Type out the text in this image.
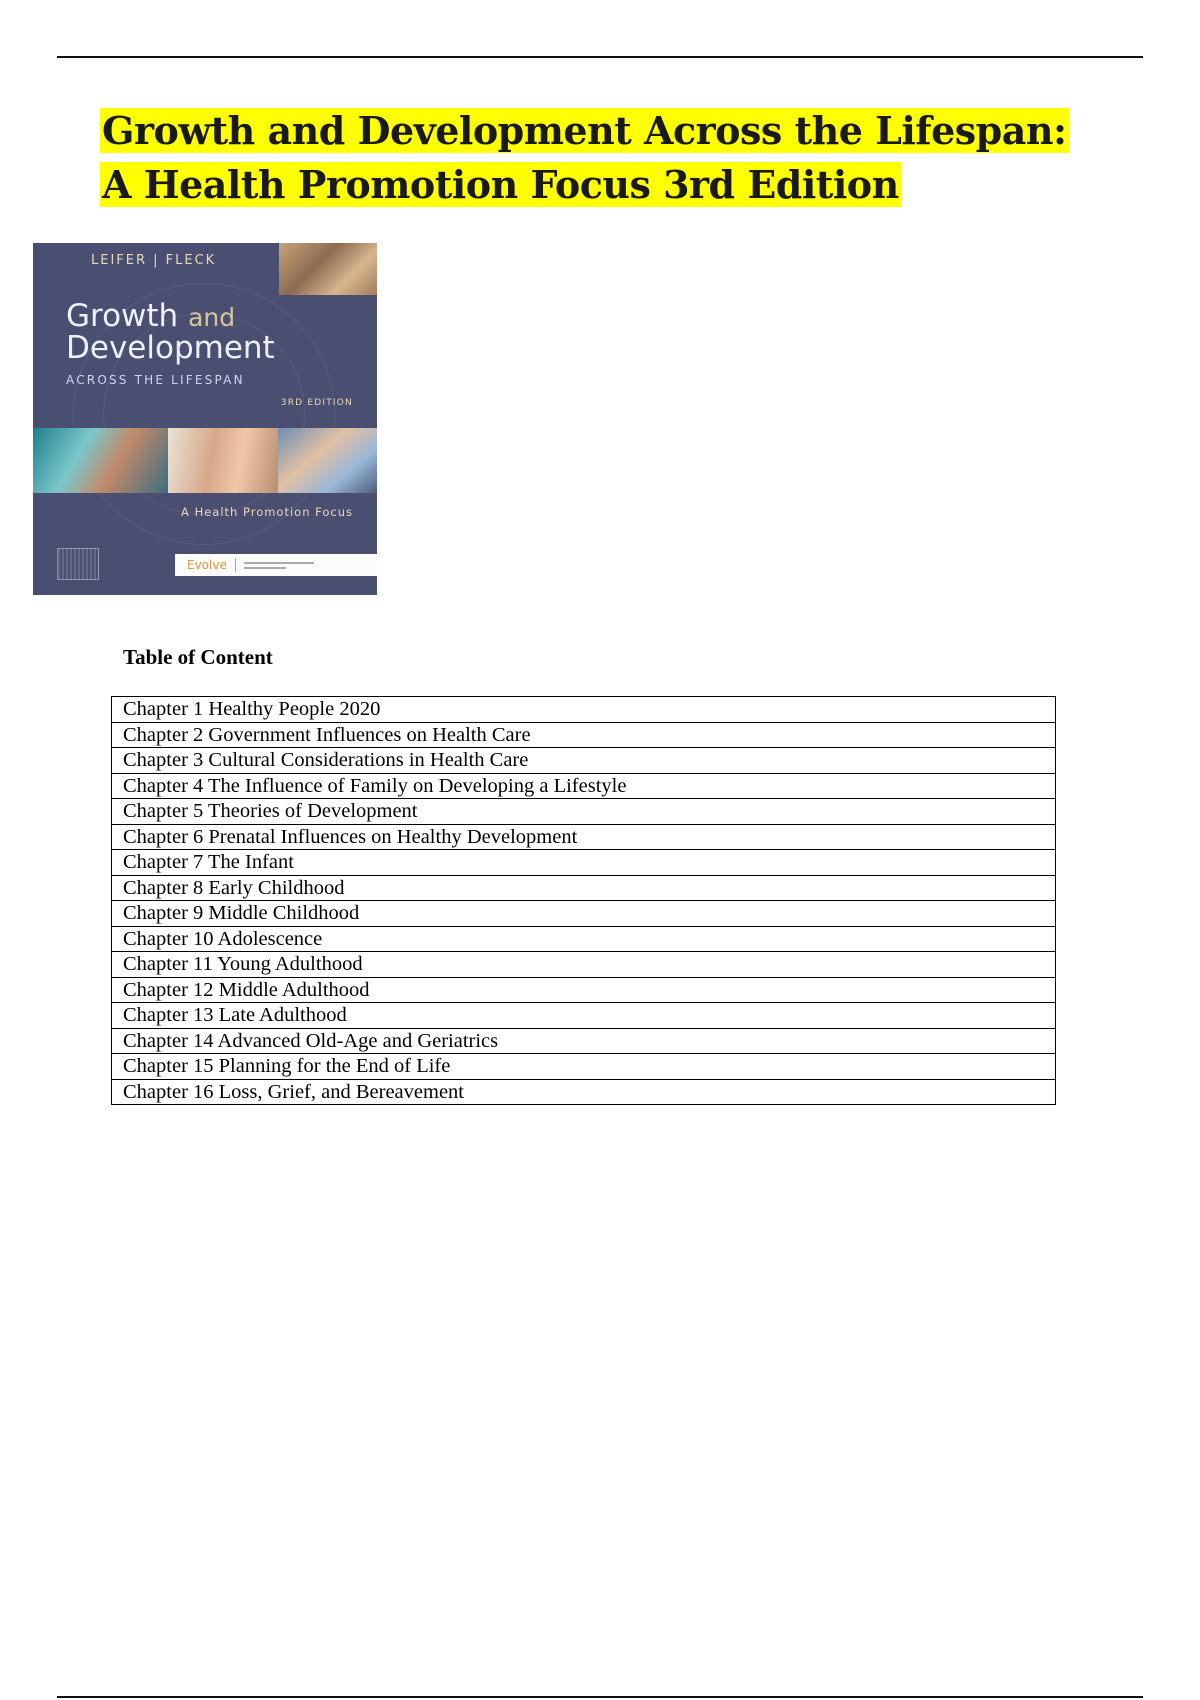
Growth and Development Across the Lifespan: A Health Promotion Focus 3rd Edition
LEIFER | FLECK
Growth and
Development
ACROSS THE LIFESPAN
3RD EDITION
A Health Promotion Focus
Evolve
Table of Content
Chapter 1 Healthy People 2020
Chapter 2 Government Influences on Health Care
Chapter 3 Cultural Considerations in Health Care
Chapter 4 The Influence of Family on Developing a Lifestyle
Chapter 5 Theories of Development
Chapter 6 Prenatal Influences on Healthy Development
Chapter 7 The Infant
Chapter 8 Early Childhood
Chapter 9 Middle Childhood
Chapter 10 Adolescence
Chapter 11 Young Adulthood
Chapter 12 Middle Adulthood
Chapter 13 Late Adulthood
Chapter 14 Advanced Old-Age and Geriatrics
Chapter 15 Planning for the End of Life
Chapter 16 Loss, Grief, and Bereavement
